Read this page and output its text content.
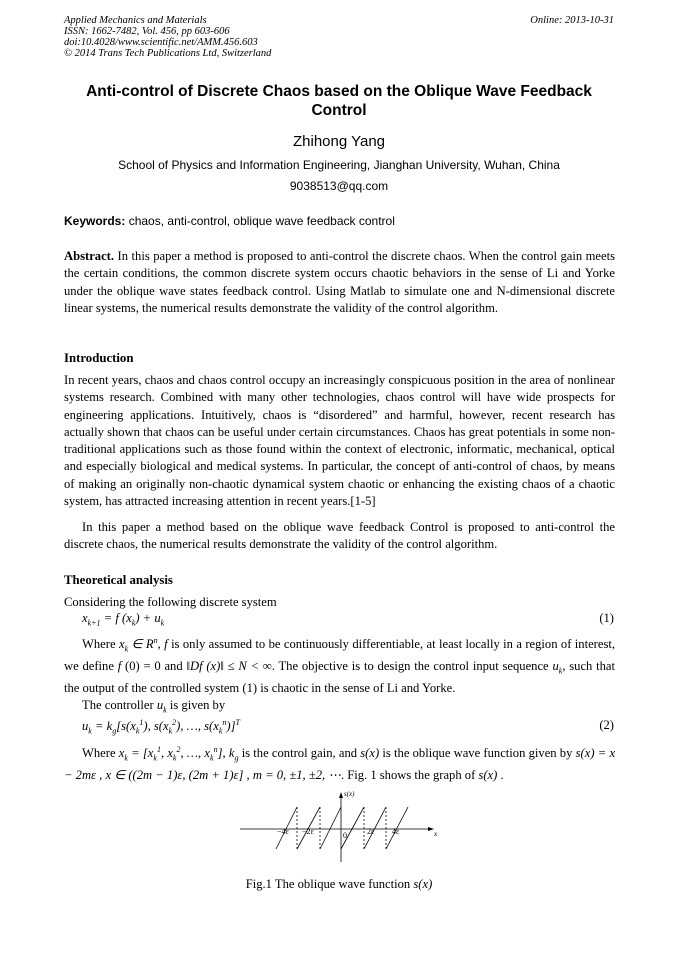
Applied Mechanics and Materials
ISSN: 1662-7482, Vol. 456, pp 603-606
doi:10.4028/www.scientific.net/AMM.456.603
© 2014 Trans Tech Publications Ltd, Switzerland
Online: 2013-10-31
Anti-control of Discrete Chaos based on the Oblique Wave Feedback
Control
Zhihong Yang
School of Physics and Information Engineering, Jianghan University, Wuhan, China
9038513@qq.com
Keywords: chaos, anti-control, oblique wave feedback control
Abstract. In this paper a method is proposed to anti-control the discrete chaos. When the control gain meets the certain conditions, the common discrete system occurs chaotic behaviors in the sense of Li and Yorke under the oblique wave states feedback control. Using Matlab to simulate one and N-dimensional discrete linear systems, the numerical results demonstrate the validity of the control algorithm.
Introduction
In recent years, chaos and chaos control occupy an increasingly conspicuous position in the area of nonlinear systems research. Combined with many other technologies, chaos control will have wide prospects for engineering applications. Intuitively, chaos is “disordered” and harmful, however, recent research has actually shown that chaos can be useful under certain circumstances. Chaos has great potentials in some non-traditional applications such as those found within the context of electronic, informatic, mechanical, optical and especially biological and medical systems. In particular, the concept of anti-control of chaos, by means of making an originally non-chaotic dynamical system chaotic or enhancing the existing chaos of a chaotic system, has attracted increasing attention in recent years.[1-5]
In this paper a method based on the oblique wave feedback Control is proposed to anti-control the discrete chaos, the numerical results demonstrate the validity of the control algorithm.
Theoretical analysis
Considering the following discrete system
$x_{k+1} = f$ $(x_k) + u_k$	(1)
Where $x_k$ ∈ $R^n$, f is only assumed to be continuously differentiable, at least locally in a region of interest, we define f (0) = 0 and ‖Df (x)‖ ≤ N < ∞. The objective is to design the control input sequence $u_k$, such that the output of the controlled system (1) is chaotic in the sense of Li and Yorke.
The controller $u_k$ is given by
$u_k = k_g[s(x_k^1)$, $s(x_k^2)$, …, $s(x_k^n)]^T$	(2)
Where $x_k = [x_k^1$, $x_k^2$, …, $x_k^n$], $k_g$ is the control gain, and s(x) is the oblique wave function given by s(x) = x − 2mε , x ∈ ((2m − 1)ε, (2m + 1)ε] , m = 0, ±1, ±2, ⋯. Fig. 1 shows the graph of s(x) .
s(x)
x
0
−4ε −2ε	2ε 4ε
Fig.1 The oblique wave function s(x)
